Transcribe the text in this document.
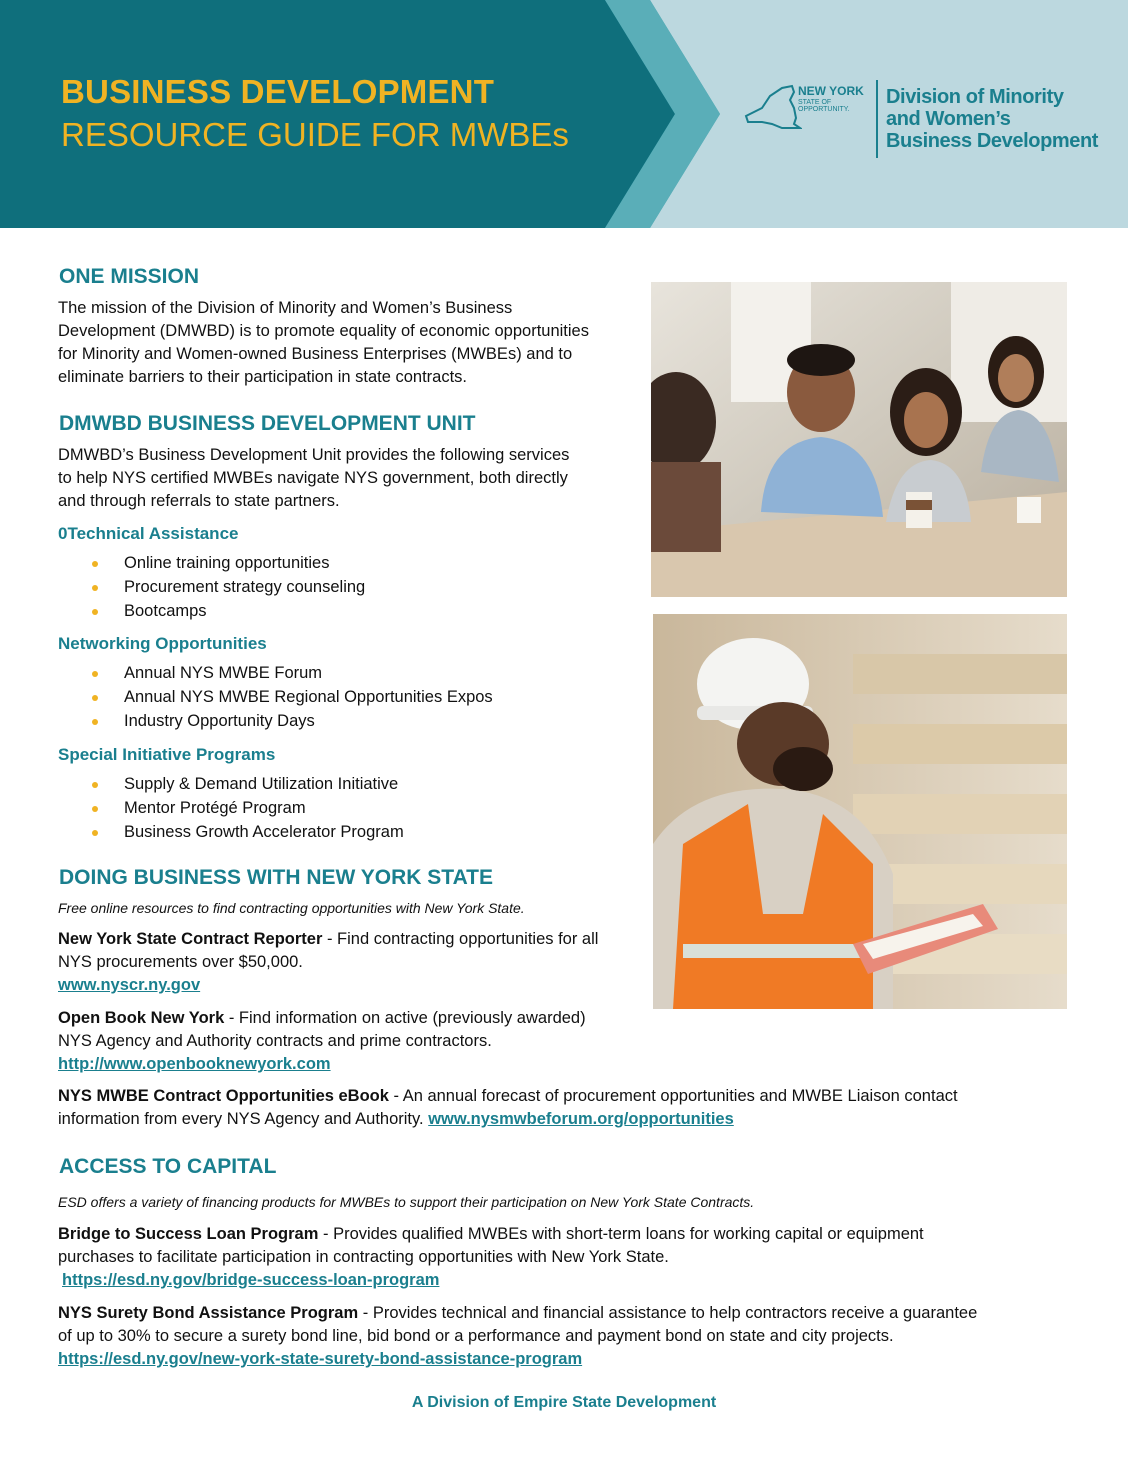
BUSINESS DEVELOPMENT
RESOURCE GUIDE FOR MWBEs
NEW YORK
STATE OF
OPPORTUNITY.
Division of Minority
and Women’s
Business Development
ONE MISSION
The mission of the Division of Minority and Women’s Business
Development (DMWBD) is to promote equality of economic opportunities
for Minority and Women-owned Business Enterprises (MWBEs) and to
eliminate barriers to their participation in state contracts.
DMWBD BUSINESS DEVELOPMENT UNIT
DMWBD’s Business Development Unit provides the following services
to help NYS certified MWBEs navigate NYS government, both directly
and through referrals to state partners.
0Technical Assistance
Online training opportunities
Procurement strategy counseling
Bootcamps
Networking Opportunities
Annual NYS MWBE Forum
Annual NYS MWBE Regional Opportunities Expos
Industry Opportunity Days
Special Initiative Programs
Supply & Demand Utilization Initiative
Mentor Protégé Program
Business Growth Accelerator Program
DOING BUSINESS WITH NEW YORK STATE
Free online resources to find contracting opportunities with New York State.
New York State Contract Reporter - Find contracting opportunities for all
NYS procurements over $50,000.
www.nyscr.ny.gov
Open Book New York - Find information on active (previously awarded)
NYS Agency and Authority contracts and prime contractors.
http://www.openbooknewyork.com
NYS MWBE Contract Opportunities eBook - An annual forecast of procurement opportunities and MWBE Liaison contact
information from every NYS Agency and Authority. www.nysmwbeforum.org/opportunities
ACCESS TO CAPITAL
ESD offers a variety of financing products for MWBEs to support their participation on New York State Contracts.
Bridge to Success Loan Program - Provides qualified MWBEs with short-term loans for working capital or equipment
purchases to facilitate participation in contracting opportunities with New York State.
https://esd.ny.gov/bridge-success-loan-program
NYS Surety Bond Assistance Program - Provides technical and financial assistance to help contractors receive a guarantee
of up to 30% to secure a surety bond line, bid bond or a performance and payment bond on state and city projects.
https://esd.ny.gov/new-york-state-surety-bond-assistance-program
A Division of Empire State Development
